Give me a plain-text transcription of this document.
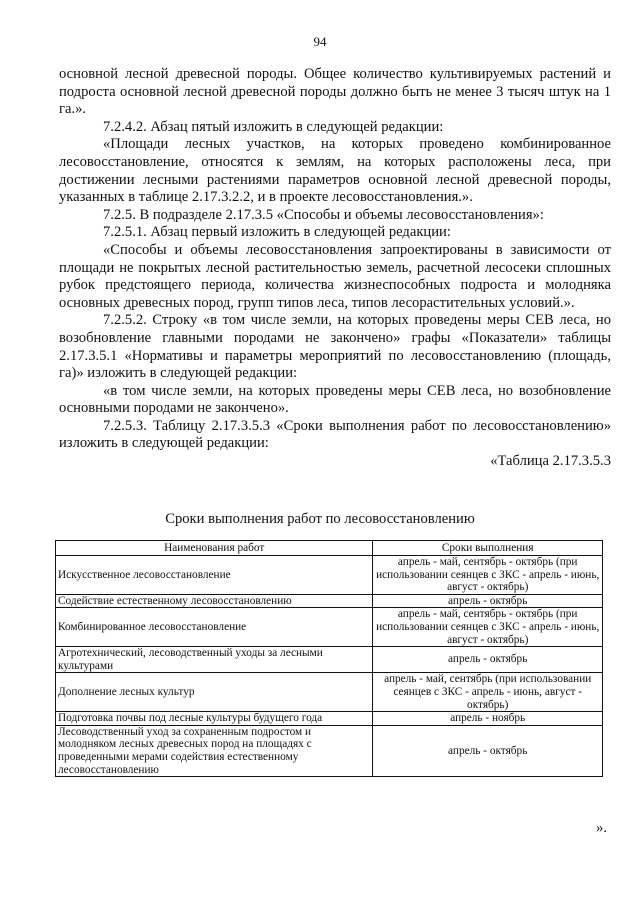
94

основной лесной древесной породы. Общее количество культивируемых растений и подроста основной лесной древесной породы должно быть не менее 3 тысяч штук на 1 га.».

7.2.4.2. Абзац пятый изложить в следующей редакции:

«Площади лесных участков, на которых проведено комбинированное лесовосстановление, относятся к землям, на которых расположены леса, при достижении лесными растениями параметров основной лесной древесной породы, указанных в таблице 2.17.3.2.2, и в проекте лесовосстановления.».

7.2.5. В подразделе 2.17.3.5 «Способы и объемы лесовосстановления»:

7.2.5.1. Абзац первый изложить в следующей редакции:

«Способы и объемы лесовосстановления запроектированы в зависимости от площади не покрытых лесной растительностью земель, расчетной лесосеки сплошных рубок предстоящего периода, количества жизнеспособных подроста и молодняка основных древесных пород, групп типов леса, типов лесорастительных условий.».

7.2.5.2. Строку «в том числе земли, на которых проведены меры СЕВ леса, но возобновление главными породами не закончено» графы «Показатели» таблицы 2.17.3.5.1 «Нормативы и параметры мероприятий по лесовосстановлению (площадь, га)» изложить в следующей редакции:

«в том числе земли, на которых проведены меры СЕВ леса, но возобновление основными породами не закончено».

7.2.5.3. Таблицу 2.17.3.5.3 «Сроки выполнения работ по лесовосстановлению» изложить в следующей редакции:

«Таблица 2.17.3.5.3

Сроки выполнения работ по лесовосстановлению
Наименования работ	Сроки выполнения
Искусственное лесовосстановление	апрель - май, сентябрь - октябрь (при использовании сеянцев с ЗКС - апрель - июнь, август - октябрь)
Содействие естественному лесовосстановлению	апрель - октябрь
Комбинированное лесовосстановление	апрель - май, сентябрь - октябрь (при использовании сеянцев с ЗКС - апрель - июнь, август - октябрь)
Агротехнический, лесоводственный уходы за лесными культурами	апрель - октябрь
Дополнение лесных культур	апрель - май, сентябрь (при использовании сеянцев с ЗКС - апрель - июнь, август - октябрь)
Подготовка почвы под лесные культуры будущего года	апрель - ноябрь
Лесоводственный уход за сохраненным подростом и молодняком лесных древесных пород на площадях с проведенными мерами содействия естественному лесовосстановлению	апрель - октябрь
».
